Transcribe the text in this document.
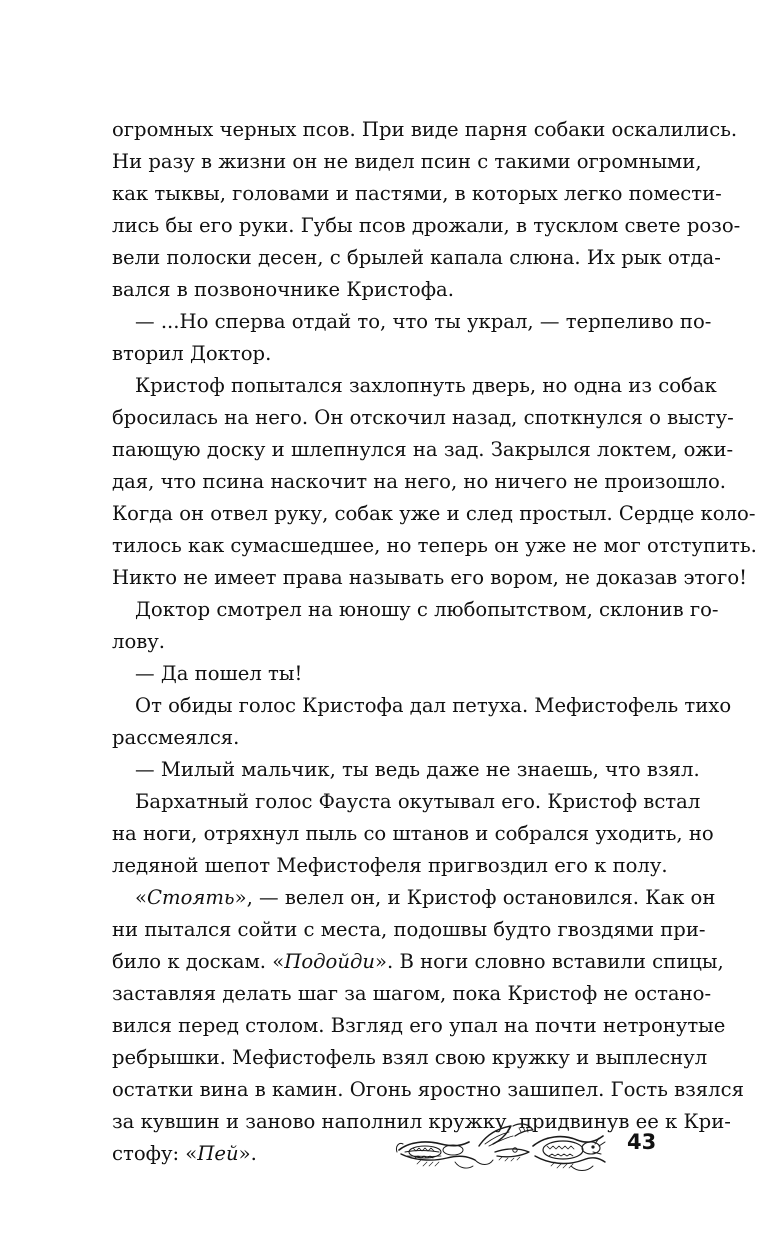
огромных черных псов. При виде парня собаки оскалились.
Ни разу в жизни он не видел псин с такими огромными,
как тыквы, головами и пастями, в которых легко помести-
лись бы его руки. Губы псов дрожали, в тусклом свете розо-
вели полоски десен, с брылей капала слюна. Их рык отда-
вался в позвоночнике Кристофа.

— ...Но сперва отдай то, что ты украл, — терпеливо по-
вторил Доктор.

Кристоф попытался захлопнуть дверь, но одна из собак
бросилась на него. Он отскочил назад, споткнулся о высту-
пающую доску и шлепнулся на зад. Закрылся локтем, ожи-
дая, что псина наскочит на него, но ничего не произошло.
Когда он отвел руку, собак уже и след простыл. Сердце коло-
тилось как сумасшедшее, но теперь он уже не мог отступить.
Никто не имеет права называть его вором, не доказав этого!

Доктор смотрел на юношу с любопытством, склонив го-
лову.

— Да пошел ты!

От обиды голос Кристофа дал петуха. Мефистофель тихо
рассмеялся.

— Милый мальчик, ты ведь даже не знаешь, что взял.

Бархатный голос Фауста окутывал его. Кристоф встал
на ноги, отряхнул пыль со штанов и собрался уходить, но
ледяной шепот Мефистофеля пригвоздил его к полу.

«Стоять», — велел он, и Кристоф остановился. Как он
ни пытался сойти с места, подошвы будто гвоздями при-
било к доскам. «Подойди». В ноги словно вставили спицы,
заставляя делать шаг за шагом, пока Кристоф не остано-
вился перед столом. Взгляд его упал на почти нетронутые
ребрышки. Мефистофель взял свою кружку и выплеснул
остатки вина в камин. Огонь яростно зашипел. Гость взялся
за кувшин и заново наполнил кружку, придвинув ее к Кри-
стофу: «Пей».	43
